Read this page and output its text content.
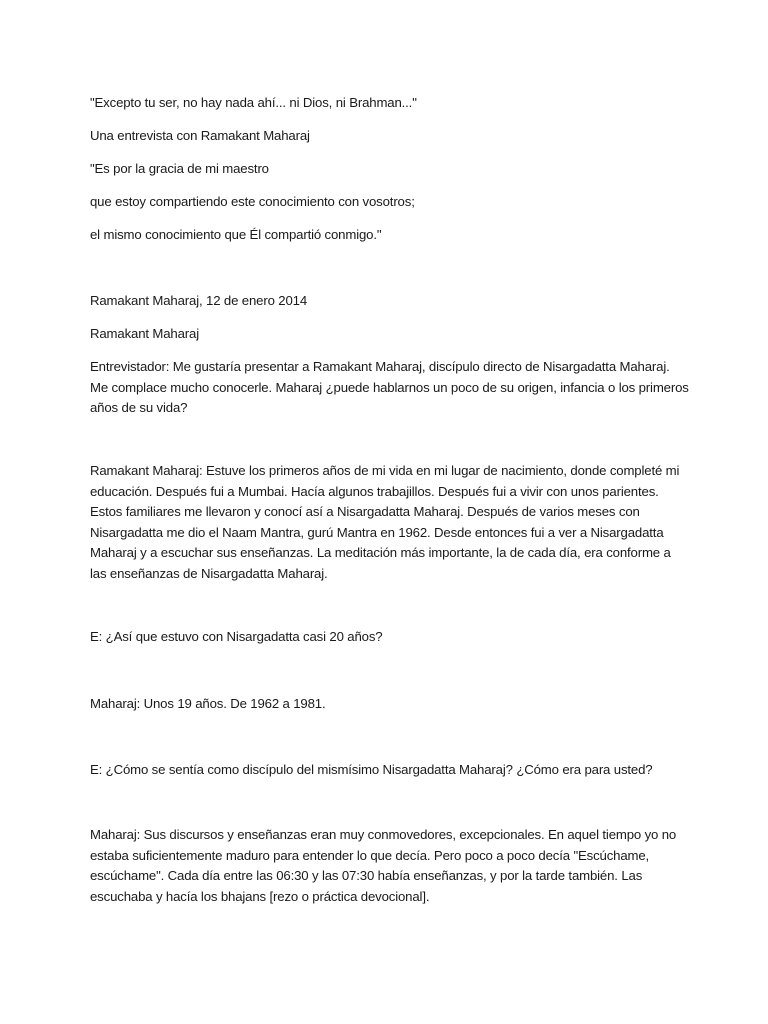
"Excepto tu ser, no hay nada ahí... ni Dios, ni Brahman..."

Una entrevista con Ramakant Maharaj

"Es por la gracia de mi maestro

que estoy compartiendo este conocimiento con vosotros;

el mismo conocimiento que Él compartió conmigo."

Ramakant Maharaj, 12 de enero 2014

Ramakant Maharaj

Entrevistador: Me gustaría presentar a Ramakant Maharaj, discípulo directo de Nisargadatta Maharaj. Me complace mucho conocerle. Maharaj ¿puede hablarnos un poco de su origen, infancia o los primeros años de su vida?

Ramakant Maharaj: Estuve los primeros años de mi vida en mi lugar de nacimiento, donde completé mi educación. Después fui a Mumbai. Hacía algunos trabajillos. Después fui a vivir con unos parientes. Estos familiares me llevaron y conocí así a Nisargadatta Maharaj. Después de varios meses con Nisargadatta me dio el Naam Mantra, gurú Mantra en 1962. Desde entonces fui a ver a Nisargadatta Maharaj y a escuchar sus enseñanzas. La meditación más importante, la de cada día, era conforme a las enseñanzas de Nisargadatta Maharaj.

E: ¿Así que estuvo con Nisargadatta casi 20 años?

Maharaj: Unos 19 años. De 1962 a 1981.

E: ¿Cómo se sentía como discípulo del mismísimo Nisargadatta Maharaj? ¿Cómo era para usted?

Maharaj: Sus discursos y enseñanzas eran muy conmovedores, excepcionales. En aquel tiempo yo no estaba suficientemente maduro para entender lo que decía. Pero poco a poco decía "Escúchame, escúchame". Cada día entre las 06:30 y las 07:30 había enseñanzas, y por la tarde también. Las escuchaba y hacía los bhajans [rezo o práctica devocional].
